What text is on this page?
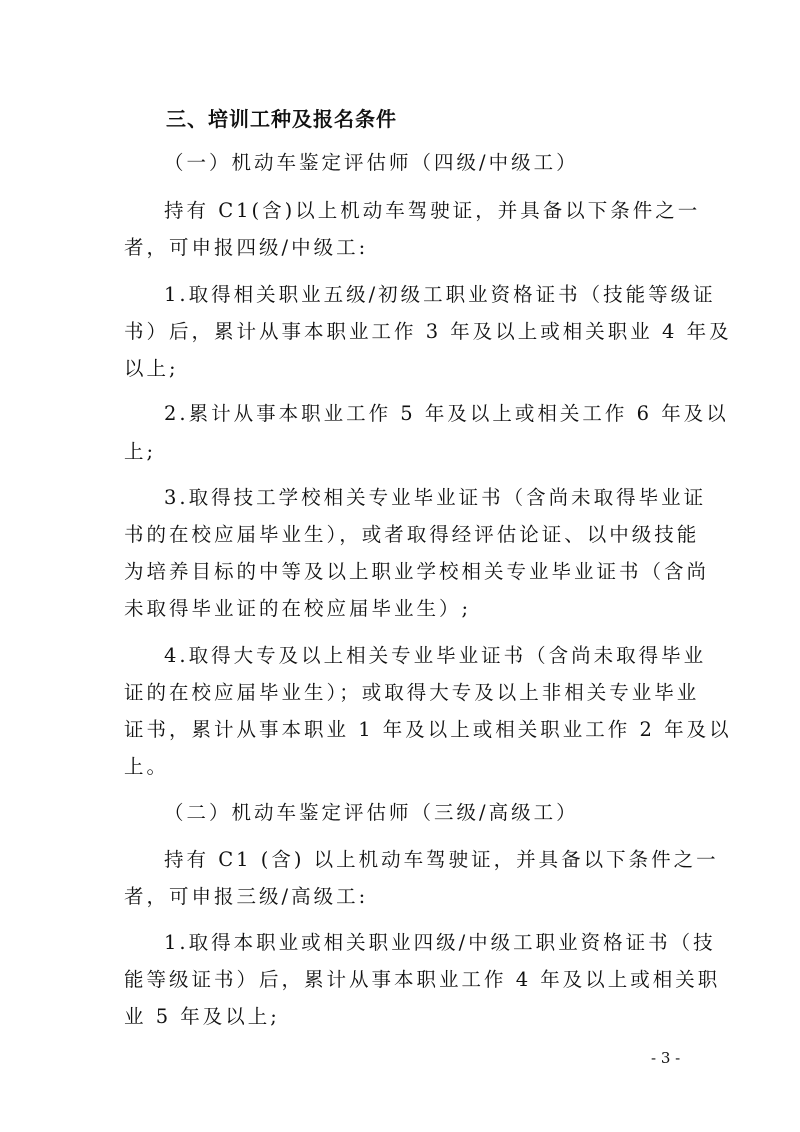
三、培训工种及报名条件
（一）机动车鉴定评估师（四级/中级工）
持有 C1(含)以上机动车驾驶证，并具备以下条件之一
者，可申报四级/中级工:
1.取得相关职业五级/初级工职业资格证书（技能等级证
书）后，累计从事本职业工作 3 年及以上或相关职业 4 年及
以上;
2.累计从事本职业工作 5 年及以上或相关工作 6 年及以
上;
3.取得技工学校相关专业毕业证书（含尚未取得毕业证
书的在校应届毕业生），或者取得经评估论证、以中级技能
为培养目标的中等及以上职业学校相关专业毕业证书（含尚
未取得毕业证的在校应届毕业生）;
4.取得大专及以上相关专业毕业证书（含尚未取得毕业
证的在校应届毕业生）；或取得大专及以上非相关专业毕业
证书，累计从事本职业 1 年及以上或相关职业工作 2 年及以
上。
（二）机动车鉴定评估师（三级/高级工）
持有 C1 (含) 以上机动车驾驶证，并具备以下条件之一
者，可申报三级/高级工:
1.取得本职业或相关职业四级/中级工职业资格证书（技
能等级证书）后，累计从事本职业工作 4 年及以上或相关职
业 5 年及以上;
- 3 -
